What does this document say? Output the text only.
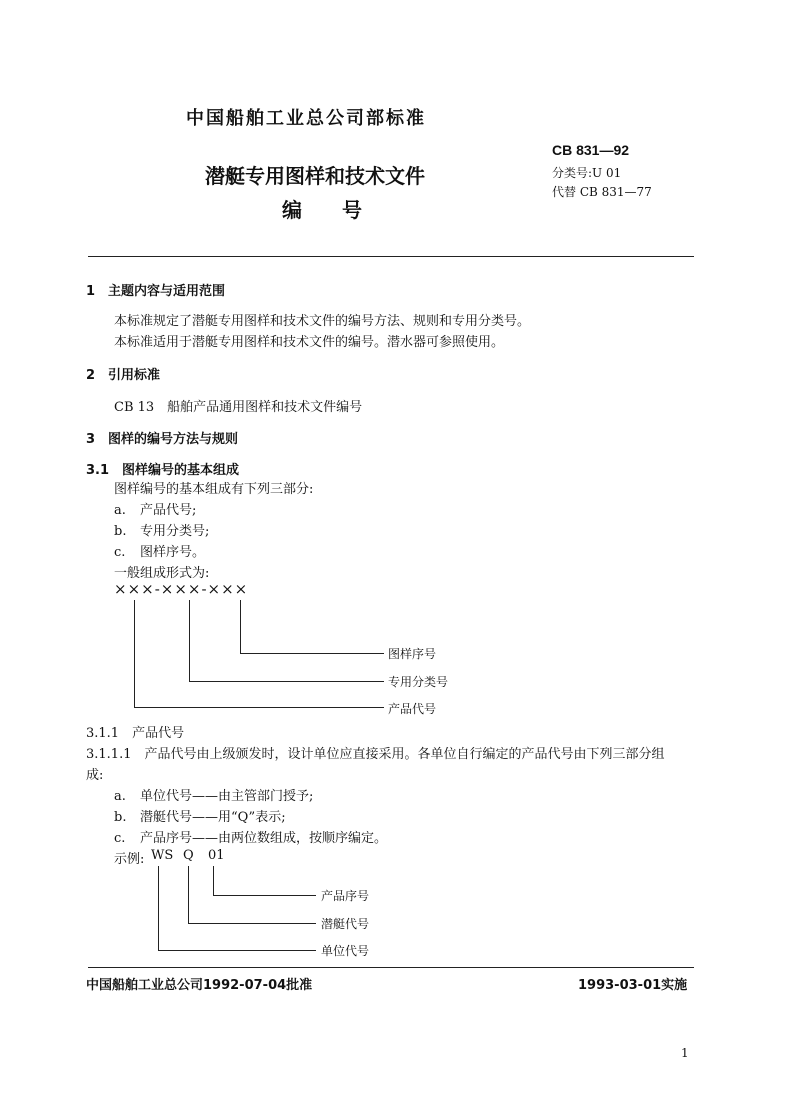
中国船舶工业总公司部标准
潜艇专用图样和技术文件
编　　号
CB 831—92
分类号:U 01
代替 CB 831—77
1　主题内容与适用范围
本标准规定了潜艇专用图样和技术文件的编号方法、规则和专用分类号。
本标准适用于潜艇专用图样和技术文件的编号。潜水器可参照使用。
2　引用标准
CB 13　船舶产品通用图样和技术文件编号
3　图样的编号方法与规则
3.1　图样编号的基本组成
图样编号的基本组成有下列三部分:
a. 产品代号;
b. 专用分类号;
c. 图样序号。
一般组成形式为:
×××-×××-×××
图样序号
专用分类号
产品代号
3.1.1　产品代号
3.1.1.1　产品代号由上级颁发时，设计单位应直接采用。各单位自行编定的产品代号由下列三部分组
成:
a. 单位代号——由主管部门授予;
b. 潜艇代号——用“Q”表示;
c. 产品序号——由两位数组成，按顺序编定。
示例: WS Q 01
产品序号
潜艇代号
单位代号
中国船舶工业总公司1992-07-04批准	1993-03-01实施
1
